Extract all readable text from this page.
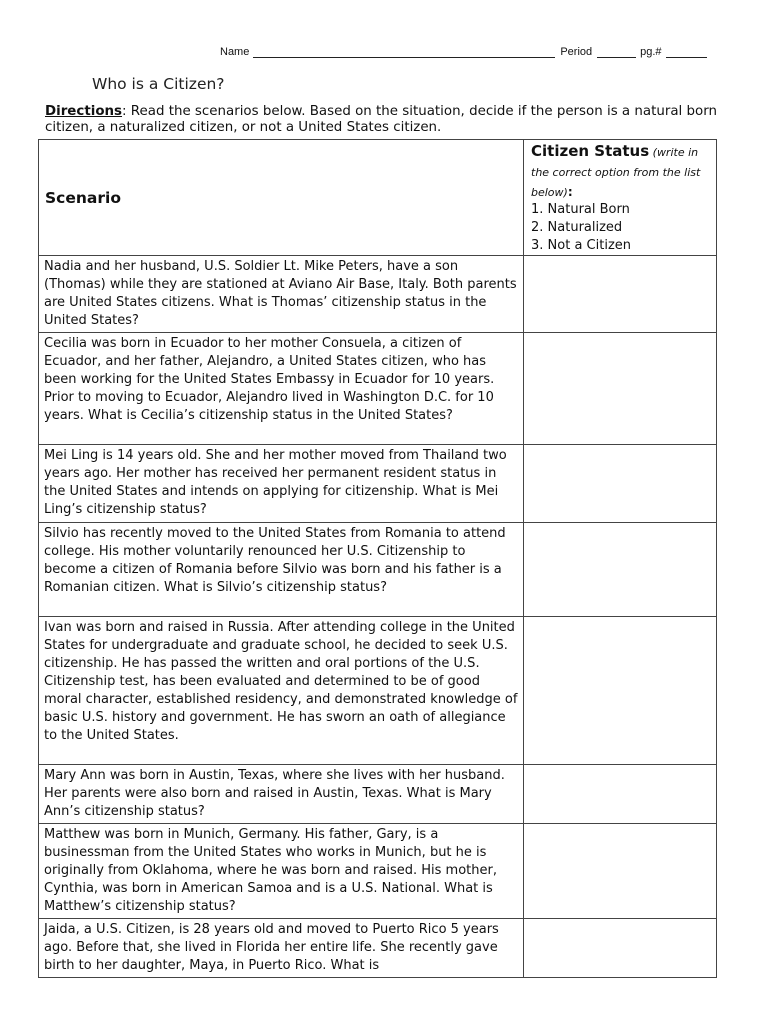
Name	Period	pg.#
Who is a Citizen?
Directions: Read the scenarios below. Based on the situation, decide if the person is a natural born citizen, a naturalized citizen, or not a United States citizen.
Scenario	Citizen Status (write in the correct option from the list below):
1. Natural Born
2. Naturalized
3. Not a Citizen

Nadia and her husband, U.S. Soldier Lt. Mike Peters, have a son (Thomas) while they are stationed at Aviano Air Base, Italy. Both parents are United States citizens. What is Thomas’ citizenship status in the United States?	
Cecilia was born in Ecuador to her mother Consuela, a citizen of Ecuador, and her father, Alejandro, a United States citizen, who has been working for the United States Embassy in Ecuador for 10 years. Prior to moving to Ecuador, Alejandro lived in Washington D.C. for 10 years. What is Cecilia’s citizenship status in the United States?	
Mei Ling is 14 years old. She and her mother moved from Thailand two years ago. Her mother has received her permanent resident status in the United States and intends on applying for citizenship. What is Mei Ling’s citizenship status?	
Silvio has recently moved to the United States from Romania to attend college. His mother voluntarily renounced her U.S. Citizenship to become a citizen of Romania before Silvio was born and his father is a Romanian citizen. What is Silvio’s citizenship status?	
Ivan was born and raised in Russia. After attending college in the United States for undergraduate and graduate school, he decided to seek U.S. citizenship. He has passed the written and oral portions of the U.S. Citizenship test, has been evaluated and determined to be of good moral character, established residency, and demonstrated knowledge of basic U.S. history and government. He has sworn an oath of allegiance to the United States.	
Mary Ann was born in Austin, Texas, where she lives with her husband. Her parents were also born and raised in Austin, Texas. What is Mary Ann’s citizenship status?	
Matthew was born in Munich, Germany. His father, Gary, is a businessman from the United States who works in Munich, but he is originally from Oklahoma, where he was born and raised. His mother, Cynthia, was born in American Samoa and is a U.S. National. What is Matthew’s citizenship status?	
Jaida, a U.S. Citizen, is 28 years old and moved to Puerto Rico 5 years ago. Before that, she lived in Florida her entire life. She recently gave birth to her daughter, Maya, in Puerto Rico. What is	
